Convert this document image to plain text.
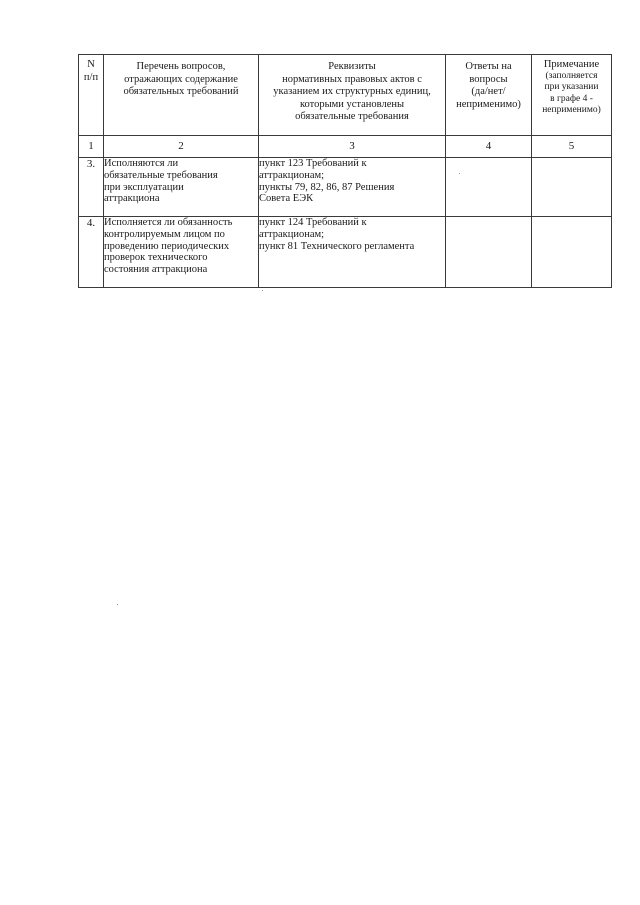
N
п/п	Перечень вопросов,
отражающих содержание
обязательных требований	Реквизиты
нормативных правовых актов с
указанием их структурных единиц,
которыми установлены
обязательные требования	Ответы на
вопросы
(да/нет/
неприменимо)	Примечание
(заполняется
при указании
в графе 4 -
неприменимо)

1	2	3	4	5
3.	Исполняются ли
обязательные требования
при эксплуатации
аттракциона	пункт 123 Требований к
аттракционам;
пункты 79, 82, 86, 87 Решения
Совета ЕЭК		

4.	Исполняется ли обязанность
контролируемым лицом по
проведению периодических
проверок технического
состояния аттракциона	пункт 124 Требований к
аттракционам;
пункт 81 Технического регламента		
